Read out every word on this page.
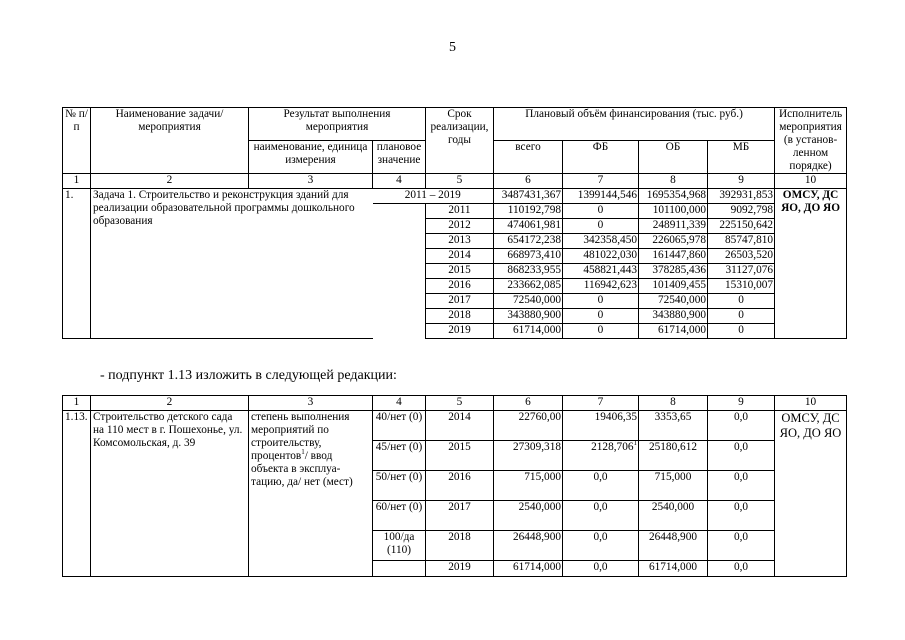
5
№ п/п	Наименование задачи/мероприятия	Результат выполнения мероприятия		Срок реализации, годы	Плановый объём финансирования (тыс. руб.)				Исполнитель мероприятия (в установ-ленном порядке)
		наименование, единица измерения	плановое значение		всего	ФБ	ОБ	МБ	
1	2	3	4	5	6	7	8	9	10
1.	Задача 1. Строительство и реконструкция зданий для реализации образовательной программы дошкольного образования		2011 – 2019		3487431,367	1399144,546	1695354,968	392931,853	ОМСУ, ДС ЯО, ДО ЯО
				2011	110192,798	0	101100,000	9092,798	
				2012	474061,981	0	248911,339	225150,642	
				2013	654172,238	342358,450	226065,978	85747,810	
				2014	668973,410	481022,030	161447,860	26503,520	
				2015	868233,955	458821,443	378285,436	31127,076	
				2016	233662,085	116942,623	101409,455	15310,007	
				2017	72540,000	0	72540,000	0	
				2018	343880,900	0	343880,900	0	
				2019	61714,000	0	61714,000	0	
- подпункт 1.13 изложить в следующей редакции:
1	2	3	4	5	6	7	8	9	10
1.13.	Строительство детского сада на 110 мест в г. Пошехонье, ул. Комсомольская, д. 39	степень выполнения мероприятий по строительству, процентов$^1$/ ввод объекта в эксплуа-тацию, да/ нет (мест)	40/нет (0)	2014	22760,00	19406,35	3353,65	0,0	ОМСУ, ДС ЯО, ДО ЯО
			45/нет (0)	2015	27309,318	2128,706$^1$	25180,612	0,0	
			50/нет (0)	2016	715,000	0,0	715,000	0,0	
			60/нет (0)	2017	2540,000	0,0	2540,000	0,0	
			100/да (110)	2018	26448,900	0,0	26448,900	0,0	
				2019	61714,000	0,0	61714,000	0,0	
